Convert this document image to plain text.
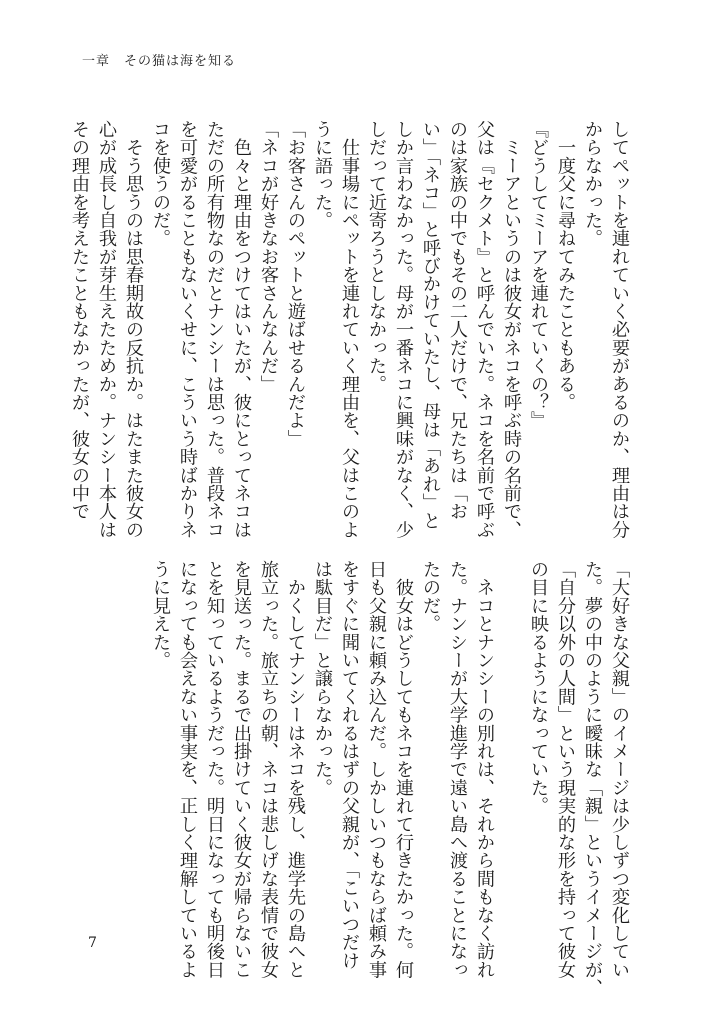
一章　その猫は海を知る
してペットを連れていく必要があるのか、理由は分
からなかった。
　一度父に尋ねてみたこともある。
『どうしてミーアを連れていくの？』
　ミーアというのは彼女がネコを呼ぶ時の名前で、
父は『セクメト』と呼んでいた。ネコを名前で呼ぶ
のは家族の中でもその二人だけで、兄たちは「お
い」「ネコ」と呼びかけていたし、母は「あれ」と
しか言わなかった。母が一番ネコに興味がなく、少
しだって近寄ろうとしなかった。
　仕事場にペットを連れていく理由を、父はこのよ
うに語った。
「お客さんのペットと遊ばせるんだよ」
「ネコが好きなお客さんなんだ」
　色々と理由をつけてはいたが、彼にとってネコは
ただの所有物なのだとナンシーは思った。普段ネコ
を可愛がることもないくせに、こういう時ばかりネ
コを使うのだ。
　そう思うのは思春期故の反抗か。はたまた彼女の
心が成長し自我が芽生えたためか。ナンシー本人は
その理由を考えたこともなかったが、彼女の中で
「大好きな父親」のイメージは少しずつ変化してい
た。夢の中のように曖昧な「親」というイメージが、
「自分以外の人間」という現実的な形を持って彼女
の目に映るようになっていた。

　ネコとナンシーの別れは、それから間もなく訪れ
た。ナンシーが大学進学で遠い島へ渡ることになっ
たのだ。
　彼女はどうしてもネコを連れて行きたかった。何
日も父親に頼み込んだ。しかしいつもならば頼み事
をすぐに聞いてくれるはずの父親が、「こいつだけ
は駄目だ」と譲らなかった。
　かくしてナンシーはネコを残し、進学先の島へと
旅立った。旅立ちの朝、ネコは悲しげな表情で彼女
を見送った。まるで出掛けていく彼女が帰らないこ
とを知っているようだった。明日になっても明後日
になっても会えない事実を、正しく理解しているよ
うに見えた。
7
